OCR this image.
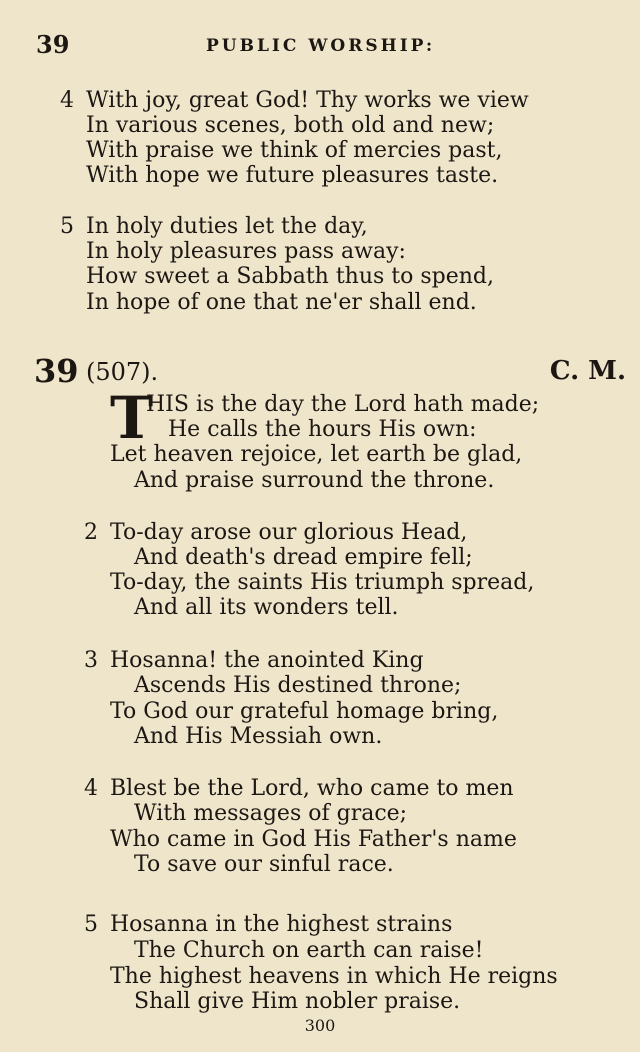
39	PUBLIC WORSHIP:
4 With joy, great God! Thy works we view
In various scenes, both old and new;
With praise we think of mercies past,
With hope we future pleasures taste.
5 In holy duties let the day,
In holy pleasures pass away:
How sweet a Sabbath thus to spend,
In hope of one that ne'er shall end.
39 (507).	C. M.
T
HIS is the day the Lord hath made;
He calls the hours His own:
Let heaven rejoice, let earth be glad,
And praise surround the throne.
2 To-day arose our glorious Head,
And death's dread empire fell;
To-day, the saints His triumph spread,
And all its wonders tell.
3 Hosanna! the anointed King
Ascends His destined throne;
To God our grateful homage bring,
And His Messiah own.
4 Blest be the Lord, who came to men
With messages of grace;
Who came in God His Father's name
To save our sinful race.
5 Hosanna in the highest strains
The Church on earth can raise!
The highest heavens in which He reigns
Shall give Him nobler praise.
300
